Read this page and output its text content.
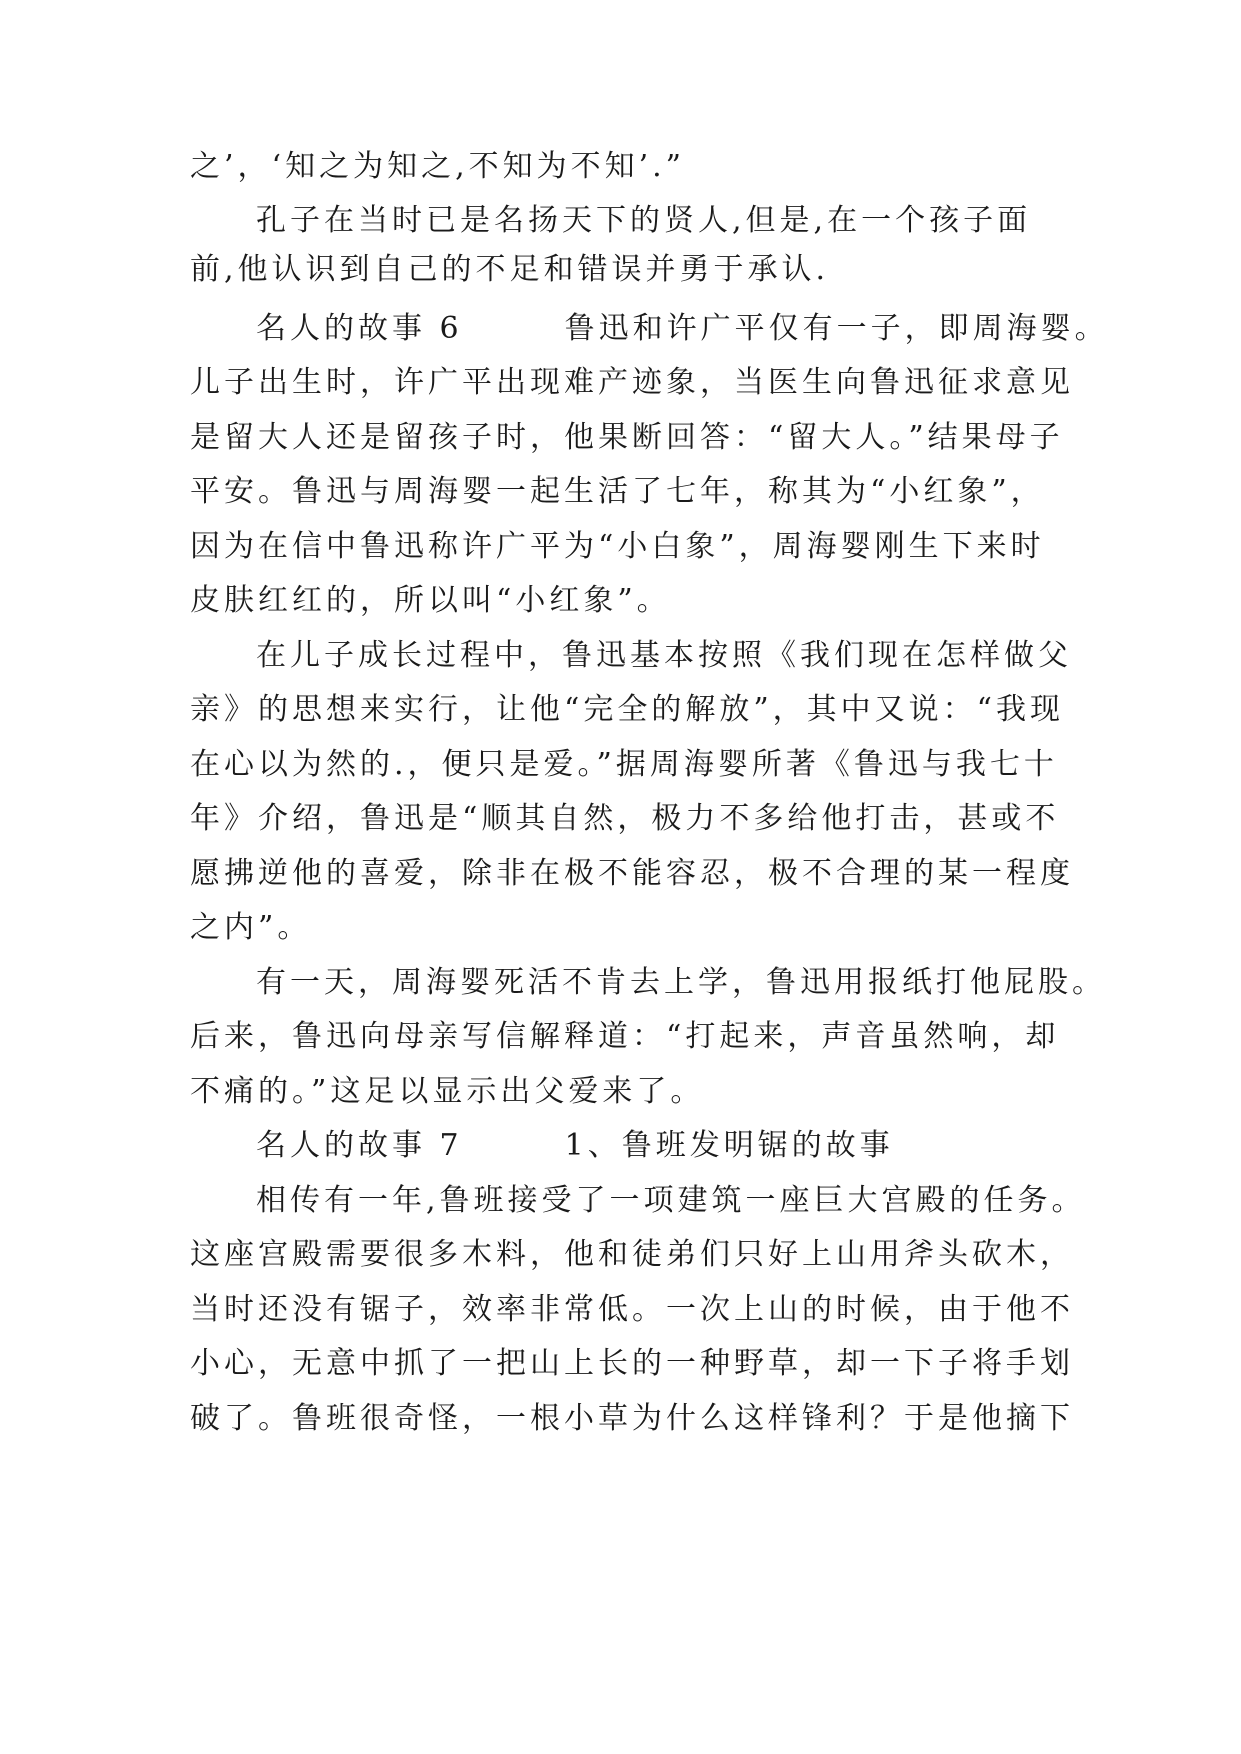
之’，‘知之为知之,不知为不知’.”
孔子在当时已是名扬天下的贤人,但是,在一个孩子面
前,他认识到自己的不足和错误并勇于承认.
名人的故事 6　　　鲁迅和许广平仅有一子，即周海婴。
儿子出生时，许广平出现难产迹象，当医生向鲁迅征求意见
是留大人还是留孩子时，他果断回答：“留大人。”结果母子
平安。鲁迅与周海婴一起生活了七年，称其为“小红象”，
因为在信中鲁迅称许广平为“小白象”，周海婴刚生下来时
皮肤红红的，所以叫“小红象”。
在儿子成长过程中，鲁迅基本按照《我们现在怎样做父
亲》的思想来实行，让他“完全的解放”，其中又说：“我现
在心以为然的.，便只是爱。”据周海婴所著《鲁迅与我七十
年》介绍，鲁迅是“顺其自然，极力不多给他打击，甚或不
愿拂逆他的喜爱，除非在极不能容忍，极不合理的某一程度
之内”。
有一天，周海婴死活不肯去上学，鲁迅用报纸打他屁股。
后来，鲁迅向母亲写信解释道：“打起来，声音虽然响，却
不痛的。”这足以显示出父爱来了。
名人的故事 7　　　1、鲁班发明锯的故事
相传有一年,鲁班接受了一项建筑一座巨大宫殿的任务。
这座宫殿需要很多木料，他和徒弟们只好上山用斧头砍木，
当时还没有锯子，效率非常低。一次上山的时候，由于他不
小心，无意中抓了一把山上长的一种野草，却一下子将手划
破了。鲁班很奇怪，一根小草为什么这样锋利？于是他摘下
